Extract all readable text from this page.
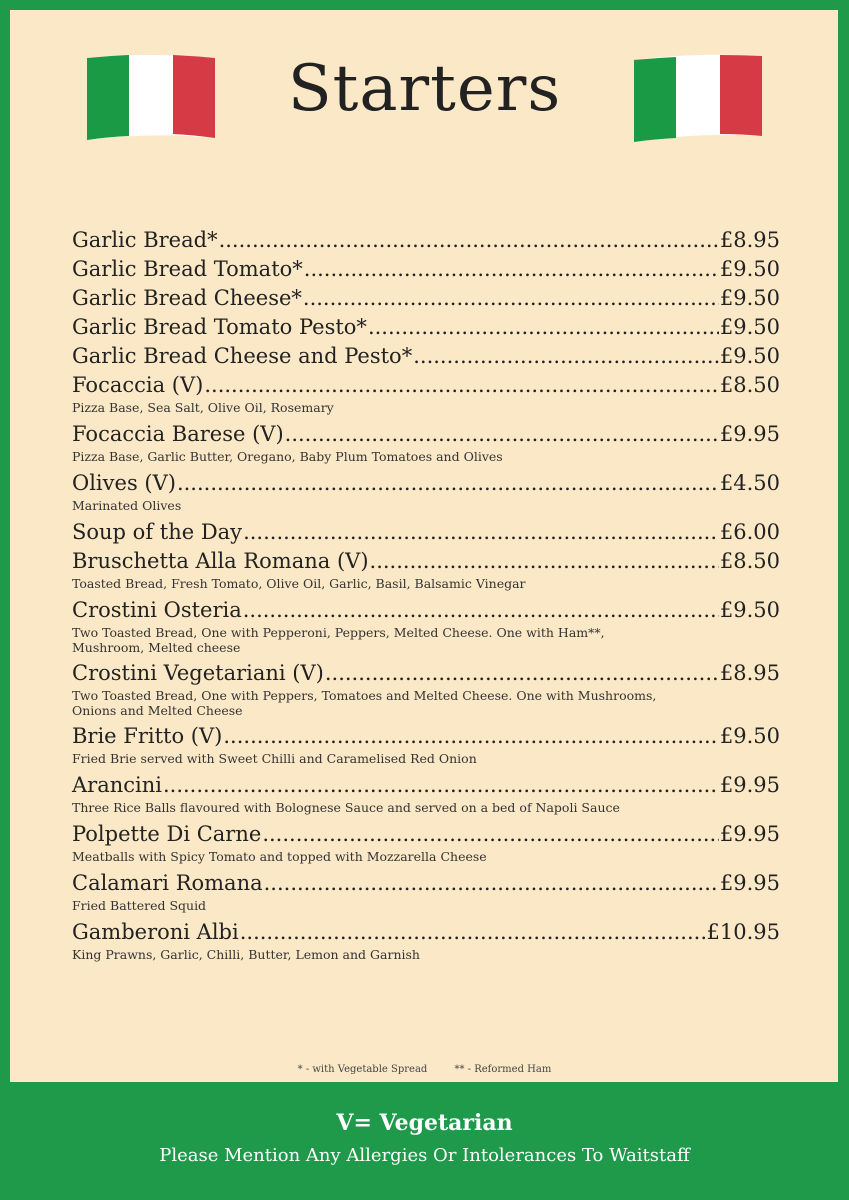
Starters
Garlic Bread* .....	£8.95
Garlic Bread Tomato* .....	£9.50
Garlic Bread Cheese* .....	£9.50
Garlic Bread Tomato Pesto* .....	£9.50
Garlic Bread Cheese and Pesto* .....	£9.50
Focaccia (V) .....	£8.50
Pizza Base, Sea Salt, Olive Oil, Rosemary
Focaccia Barese (V) .....	£9.95
Pizza Base, Garlic Butter, Oregano, Baby Plum Tomatoes and Olives
Olives (V) .....	£4.50
Marinated Olives
Soup of the Day .....	£6.00
Bruschetta Alla Romana (V) .....	£8.50
Toasted Bread, Fresh Tomato, Olive Oil, Garlic, Basil, Balsamic Vinegar
Crostini Osteria .....	£9.50
Two Toasted Bread, One with Pepperoni, Peppers, Melted Cheese. One with Ham**, Mushroom, Melted cheese
Crostini Vegetariani (V) .....	£8.95
Two Toasted Bread, One with Peppers, Tomatoes and Melted Cheese. One with Mushrooms, Onions and Melted Cheese
Brie Fritto (V) .....	£9.50
Fried Brie served with Sweet Chilli and Caramelised Red Onion
Arancini .....	£9.95
Three Rice Balls flavoured with Bolognese Sauce and served on a bed of Napoli Sauce
Polpette Di Carne .....	£9.95
Meatballs with Spicy Tomato and topped with Mozzarella Cheese
Calamari Romana .....	£9.95
Fried Battered Squid
Gamberoni Albi .....	£10.95
King Prawns, Garlic, Chilli, Butter, Lemon and Garnish
* - with Vegetable Spread	** - Reformed Ham
V= Vegetarian
Please Mention Any Allergies Or Intolerances To Waitstaff
